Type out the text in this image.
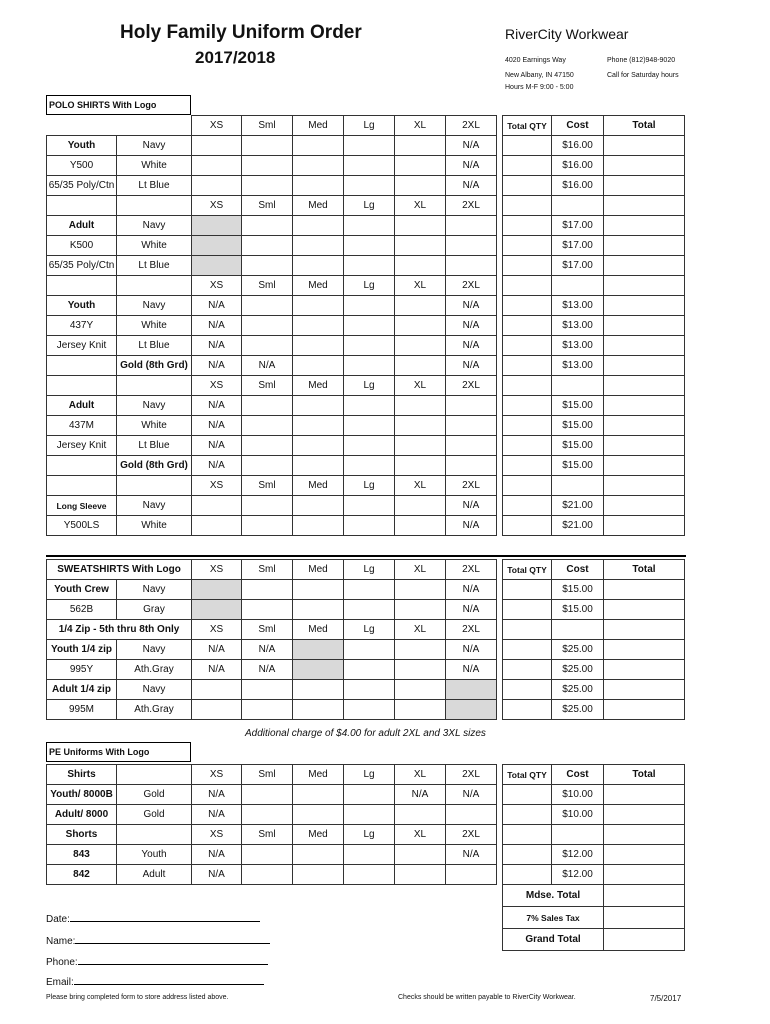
Holy Family Uniform Order
2017/2018
RiverCity Workwear
4020 Earnings Way
New Albany, IN 47150
Hours M-F 9:00 - 5:00
Phone (812)948-9020
Call for Saturday hours
POLO SHIRTS With Logo
		XS	Sml	Med	Lg	XL	2XL		Total QTY	Cost	Total
Youth	Navy						N/A			$16.00	
Y500	White						N/A			$16.00	
65/35 Poly/Ctn	Lt Blue						N/A			$16.00	
		XS	Sml	Med	Lg	XL	2XL				
Adult	Navy									$17.00	
K500	White									$17.00	
65/35 Poly/Ctn	Lt Blue									$17.00	
		XS	Sml	Med	Lg	XL	2XL				
Youth	Navy	N/A					N/A			$13.00	
437Y	White	N/A					N/A			$13.00	
Jersey Knit	Lt Blue	N/A					N/A			$13.00	
	Gold (8th Grd)	N/A	N/A				N/A			$13.00	
		XS	Sml	Med	Lg	XL	2XL				
Adult	Navy	N/A								$15.00	
437M	White	N/A								$15.00	
Jersey Knit	Lt Blue	N/A								$15.00	
	Gold (8th Grd)	N/A								$15.00	
		XS	Sml	Med	Lg	XL	2XL				
Long Sleeve	Navy						N/A			$21.00	
Y500LS	White						N/A			$21.00	
SWEATSHIRTS With Logo		XS	Sml	Med	Lg	XL	2XL		Total QTY	Cost	Total
Youth Crew	Navy						N/A			$15.00	
562B	Gray						N/A			$15.00	
1/4 Zip - 5th thru 8th Only		XS	Sml	Med	Lg	XL	2XL				
Youth 1/4 zip	Navy	N/A	N/A				N/A			$25.00	
995Y	Ath.Gray	N/A	N/A				N/A			$25.00	
Adult 1/4 zip	Navy									$25.00	
995M	Ath.Gray									$25.00	
Additional charge of $4.00 for adult 2XL and 3XL sizes
PE Uniforms With Logo
Shirts		XS	Sml	Med	Lg	XL	2XL		Total QTY	Cost	Total
Youth/ 8000B	Gold	N/A				N/A	N/A			$10.00	
Adult/ 8000	Gold	N/A								$10.00	
Shorts		XS	Sml	Med	Lg	XL	2XL				
843	Youth	N/A					N/A			$12.00	
842	Adult	N/A								$12.00	
Mdse. Total	
7% Sales Tax	
Grand Total	
Date:
Name:
Phone:
Email:
Please bring completed form to store address listed above.	Checks should be written payable to RiverCity Workwear.	7/5/2017
